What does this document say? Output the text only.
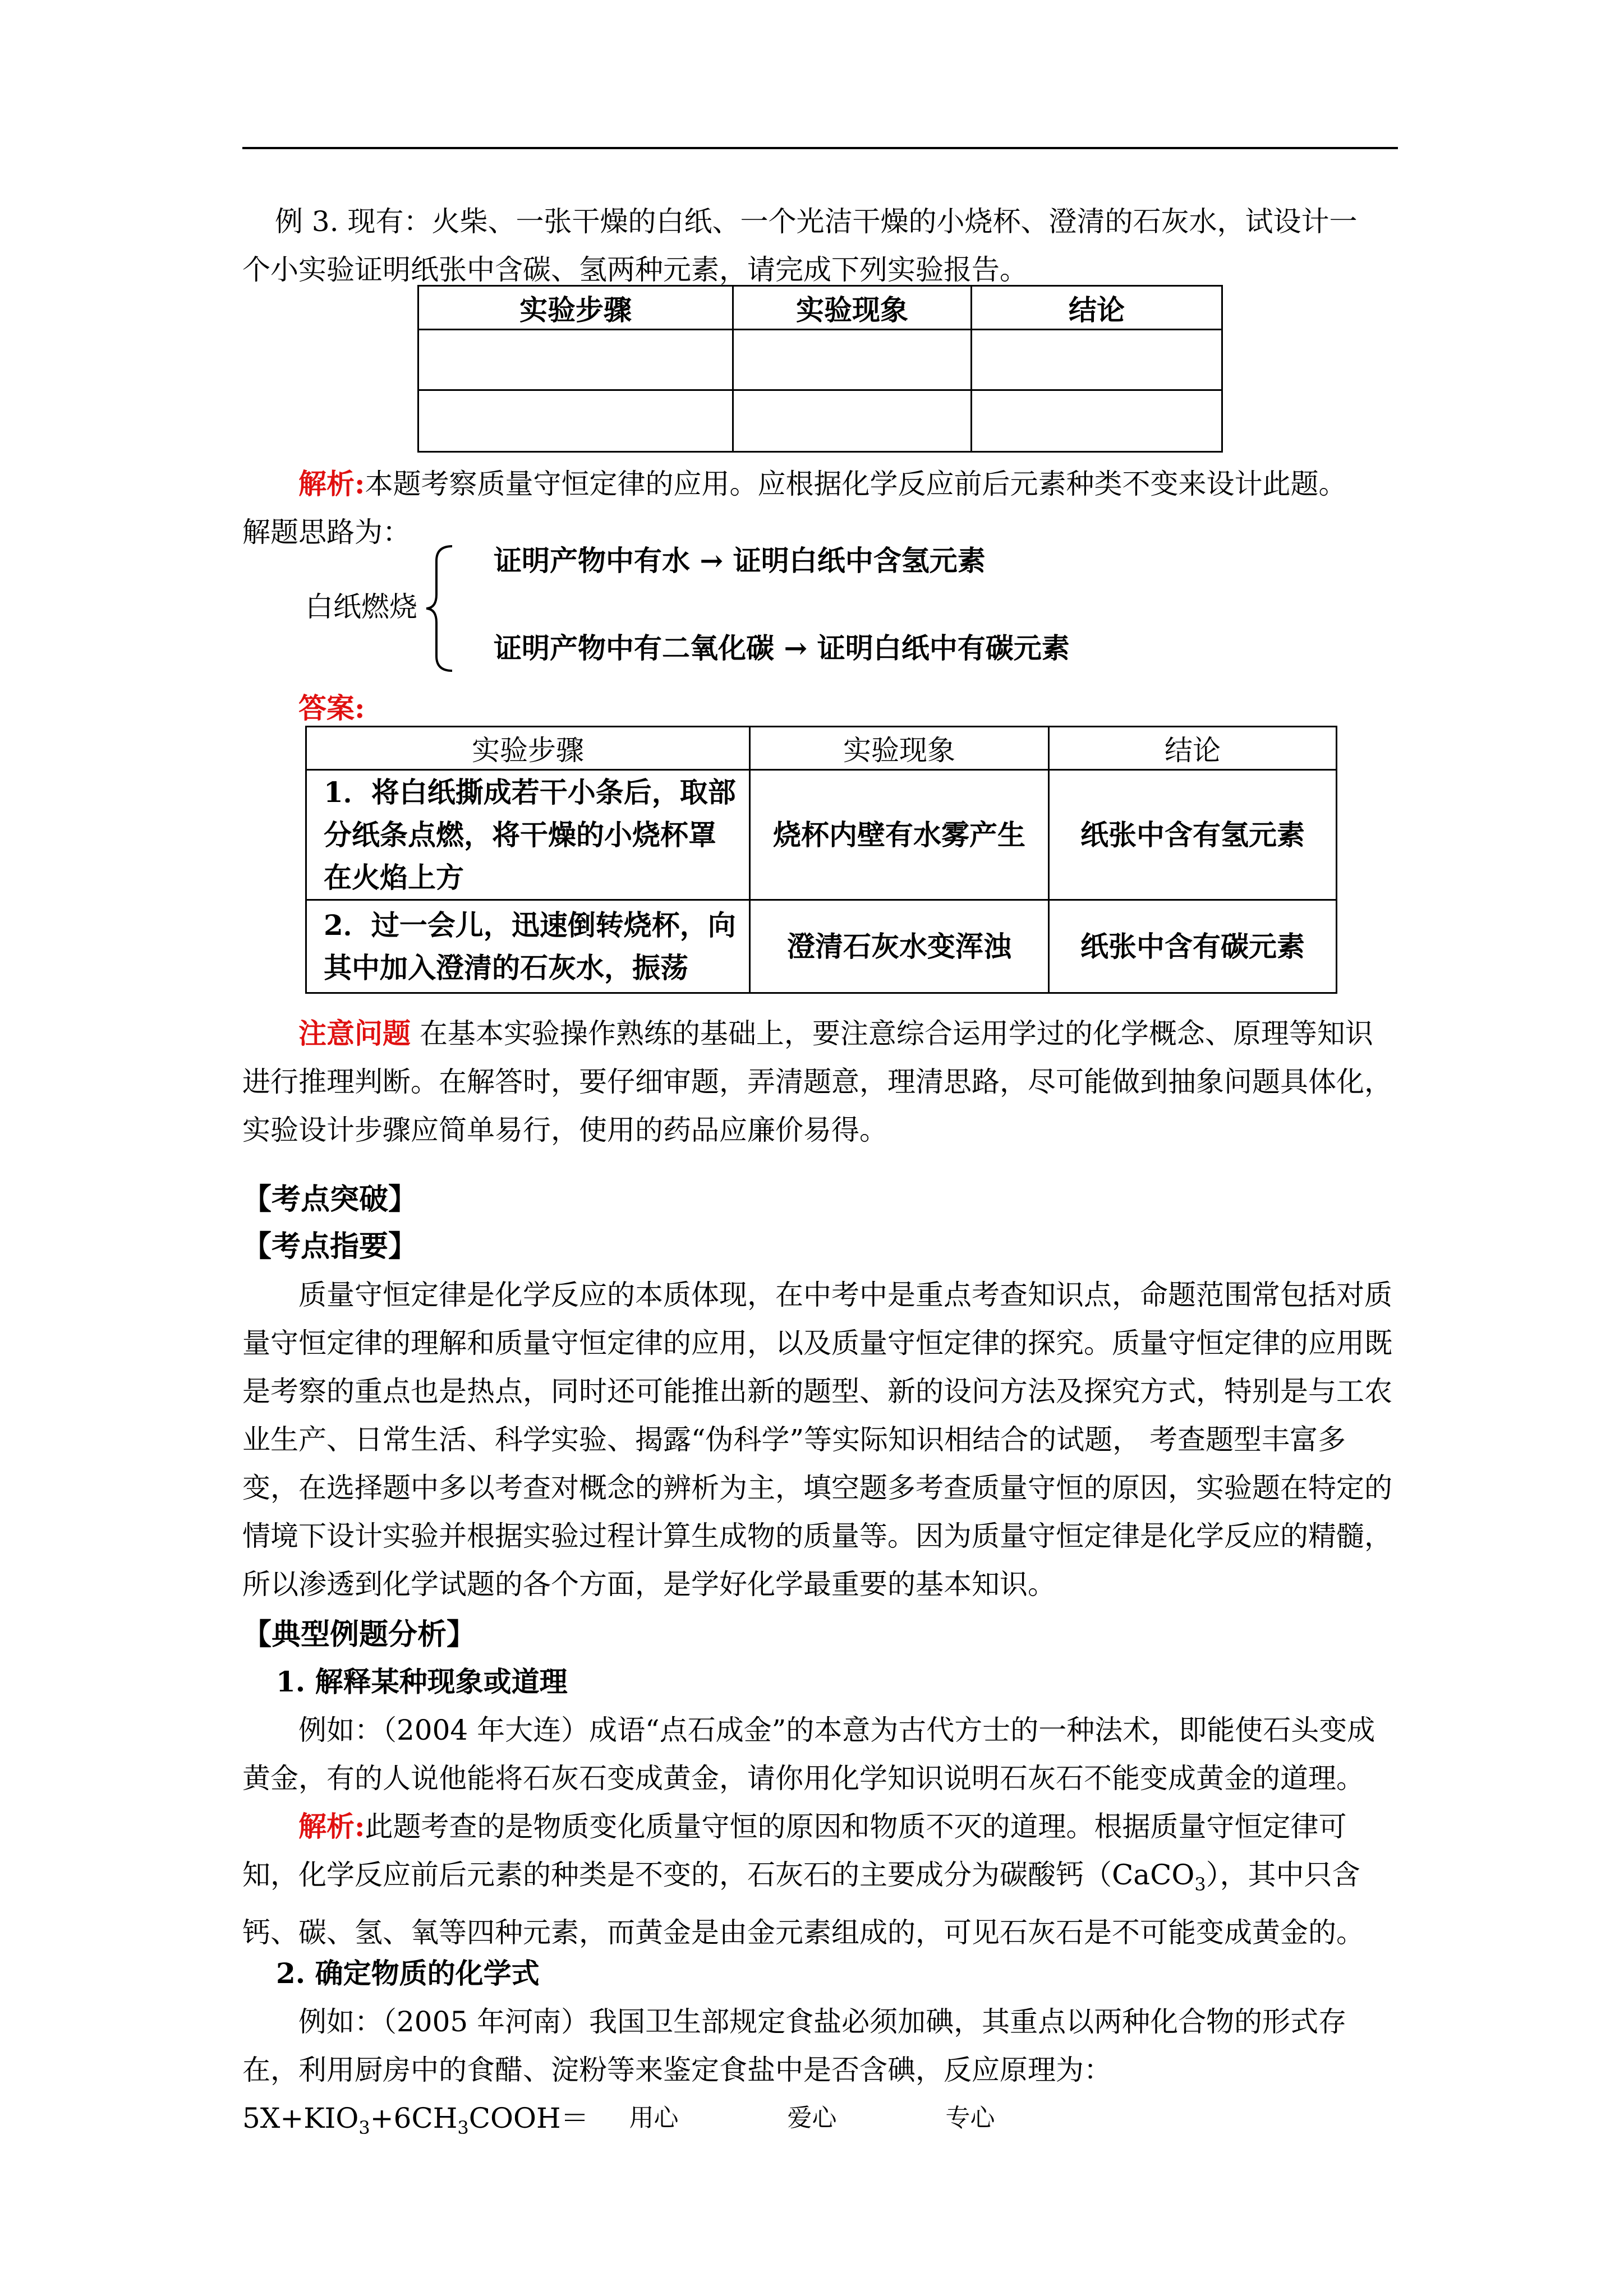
例 3. 现有：火柴、一张干燥的白纸、一个光洁干燥的小烧杯、澄清的石灰水，试设计一
个小实验证明纸张中含碳、氢两种元素，请完成下列实验报告。
实验步骤	实验现象	结论

解析:本题考察质量守恒定律的应用。应根据化学反应前后元素种类不变来设计此题。
解题思路为：
白纸燃烧
证明产物中有水 → 证明白纸中含氢元素
证明产物中有二氧化碳 → 证明白纸中有碳元素
答案:
实验步骤	实验现象	结论
1．将白纸撕成若干小条后，取部分纸条点燃，将干燥的小烧杯罩在火焰上方	烧杯内壁有水雾产生	纸张中含有氢元素
2．过一会儿，迅速倒转烧杯，向其中加入澄清的石灰水，振荡	澄清石灰水变浑浊	纸张中含有碳元素
注意问题 在基本实验操作熟练的基础上，要注意综合运用学过的化学概念、原理等知识进行推理判断。在解答时，要仔细审题，弄清题意，理清思路，尽可能做到抽象问题具体化，实验设计步骤应简单易行，使用的药品应廉价易得。
【考点突破】
【考点指要】
质量守恒定律是化学反应的本质体现，在中考中是重点考查知识点，命题范围常包括对质量守恒定律的理解和质量守恒定律的应用，以及质量守恒定律的探究。质量守恒定律的应用既是考察的重点也是热点，同时还可能推出新的题型、新的设问方法及探究方式，特别是与工农业生产、日常生活、科学实验、揭露“伪科学”等实际知识相结合的试题， 考查题型丰富多变，在选择题中多以考查对概念的辨析为主，填空题多考查质量守恒的原因，实验题在特定的情境下设计实验并根据实验过程计算生成物的质量等。因为质量守恒定律是化学反应的精髓，所以渗透到化学试题的各个方面，是学好化学最重要的基本知识。
【典型例题分析】
1. 解释某种现象或道理
例如：（2004 年大连）成语“点石成金”的本意为古代方士的一种法术，即能使石头变成黄金，有的人说他能将石灰石变成黄金，请你用化学知识说明石灰石不能变成黄金的道理。
解析:此题考查的是物质变化质量守恒的原因和物质不灭的道理。根据质量守恒定律可知，化学反应前后元素的种类是不变的，石灰石的主要成分为碳酸钙（CaCO$_3$），其中只含钙、碳、氢、氧等四种元素，而黄金是由金元素组成的，可见石灰石是不可能变成黄金的。
2. 确定物质的化学式
例如：（2005 年河南）我国卫生部规定食盐必须加碘，其重点以两种化合物的形式存在，利用厨房中的食醋、淀粉等来鉴定食盐中是否含碘，反应原理为：$5X+KIO_3+6CH_3COOH=$	用心	爱心	专心
